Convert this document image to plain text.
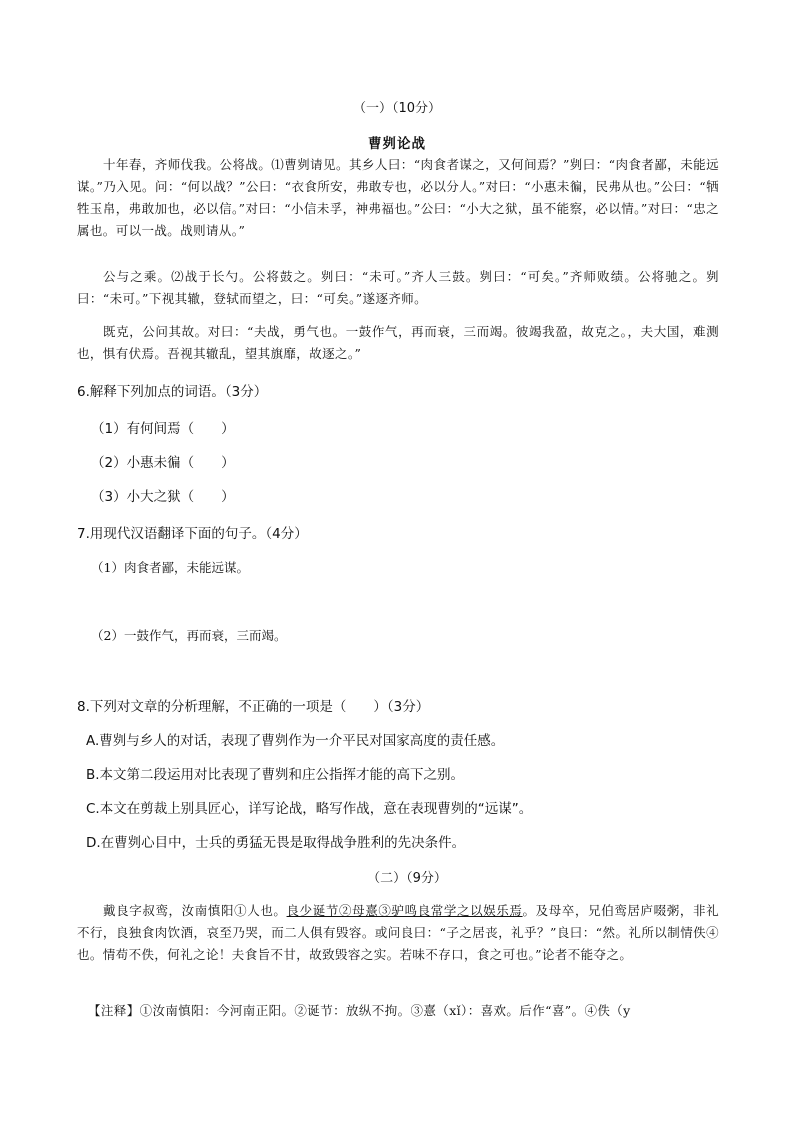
（一）（10分）
曹刿论战
十年春，齐师伐我。公将战。⑴曹刿请见。其乡人曰：“肉食者谋之，又何间焉？”刿曰：“肉食者鄙，未能远谋。”乃入见。问：“何以战？”公曰：“衣食所安，弗敢专也，必以分人。”对曰：“小惠未徧，民弗从也。”公曰：“牺牲玉帛，弗敢加也，必以信。”对曰：“小信未孚，神弗福也。”公曰：“小大之狱，虽不能察，必以情。”对曰：“忠之属也。可以一战。战则请从。”
公与之乘。⑵战于长勺。公将鼓之。刿曰：“未可。”齐人三鼓。刿曰：“可矣。”齐师败绩。公将驰之。刿曰：“未可。”下视其辙，登轼而望之，曰：“可矣。”遂逐齐师。
既克，公问其故。对曰：“夫战，勇气也。一鼓作气，再而衰，三而竭。彼竭我盈，故克之。，夫大国，难测也，惧有伏焉。吾视其辙乱，望其旗靡，故逐之。”
6.解释下列加点的词语。（3分）
（1）有何间焉（　　）
（2）小惠未徧（　　）
（3）小大之狱（　　）
7.用现代汉语翻译下面的句子。（4分）
（1）肉食者鄙，未能远谋。
（2）一鼓作气，再而衰，三而竭。
8.下列对文章的分析理解，不正确的一项是（　　）（3分）
A.曹刿与乡人的对话，表现了曹刿作为一介平民对国家高度的责任感。
B.本文第二段运用对比表现了曹刿和庄公指挥才能的高下之别。
C.本文在剪裁上别具匠心，详写论战，略写作战，意在表现曹刿的“远谋”。
D.在曹刿心目中，士兵的勇猛无畏是取得战争胜利的先决条件。
（二）（9分）
戴良字叔鸾，汝南慎阳①人也。良少诞节②母憙③驴鸣良常学之以娱乐焉。及母卒，兄伯鸾居庐啜粥，非礼不行，良独食肉饮酒，哀至乃哭，而二人俱有毁容。或问良曰：“子之居丧，礼乎？”良曰：“然。礼所以制情佚④也。情苟不佚，何礼之论！夫食旨不甘，故致毁容之实。若味不存口，食之可也。”论者不能夺之。
【注释】①汝南慎阳：今河南正阳。②诞节：放纵不拘。③憙（xǐ）：喜欢。后作“喜”。④佚（y
